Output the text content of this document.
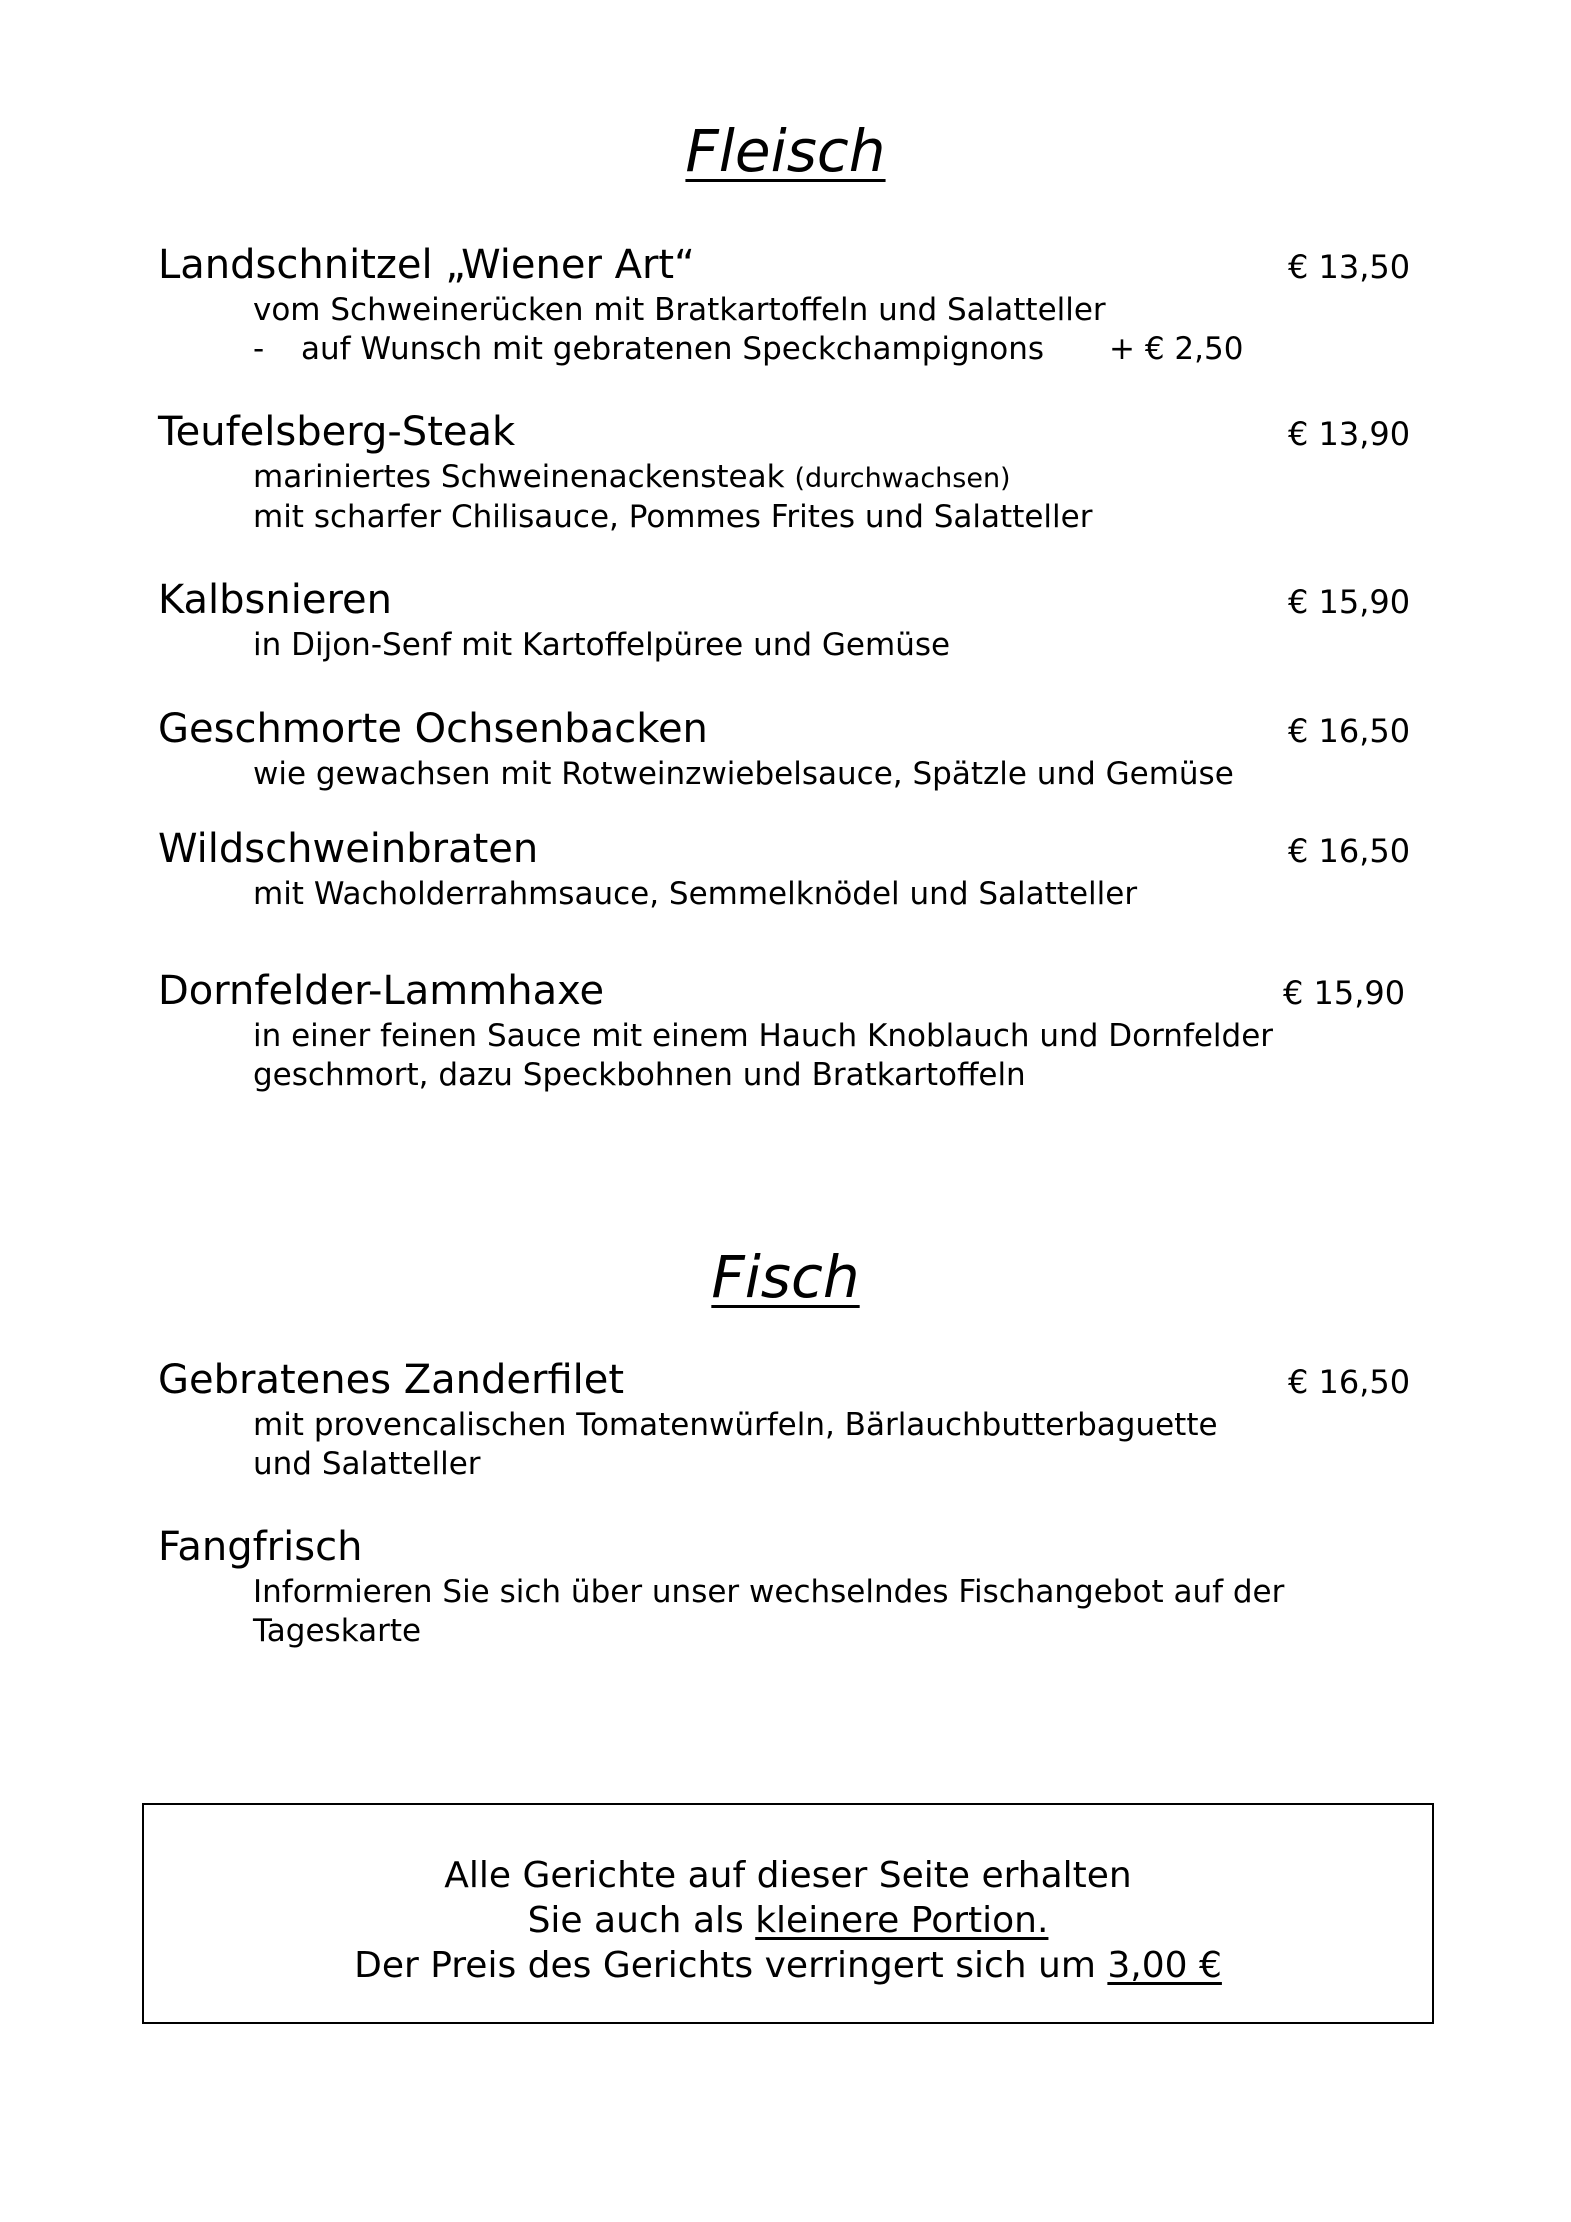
Fleisch
Landschnitzel „Wiener Art“	€ 13,50
vom Schweinerücken mit Bratkartoffeln und Salatteller
- auf Wunsch mit gebratenen Speckchampignons + € 2,50
Teufelsberg-Steak	€ 13,90
mariniertes Schweinenackensteak (durchwachsen)
mit scharfer Chilisauce, Pommes Frites und Salatteller
Kalbsnieren	€ 15,90
in Dijon-Senf mit Kartoffelpüree und Gemüse
Geschmorte Ochsenbacken	€ 16,50
wie gewachsen mit Rotweinzwiebelsauce, Spätzle und Gemüse
Wildschweinbraten	€ 16,50
mit Wacholderrahmsauce, Semmelknödel und Salatteller
Dornfelder-Lammhaxe	€ 15,90
in einer feinen Sauce mit einem Hauch Knoblauch und Dornfelder
geschmort, dazu Speckbohnen und Bratkartoffeln
Fisch
Gebratenes Zanderfilet	€ 16,50
mit provencalischen Tomatenwürfeln, Bärlauchbutterbaguette
und Salatteller
Fangfrisch
Informieren Sie sich über unser wechselndes Fischangebot auf der
Tageskarte
Alle Gerichte auf dieser Seite erhalten
Sie auch als kleinere Portion.
Der Preis des Gerichts verringert sich um 3,00 €
